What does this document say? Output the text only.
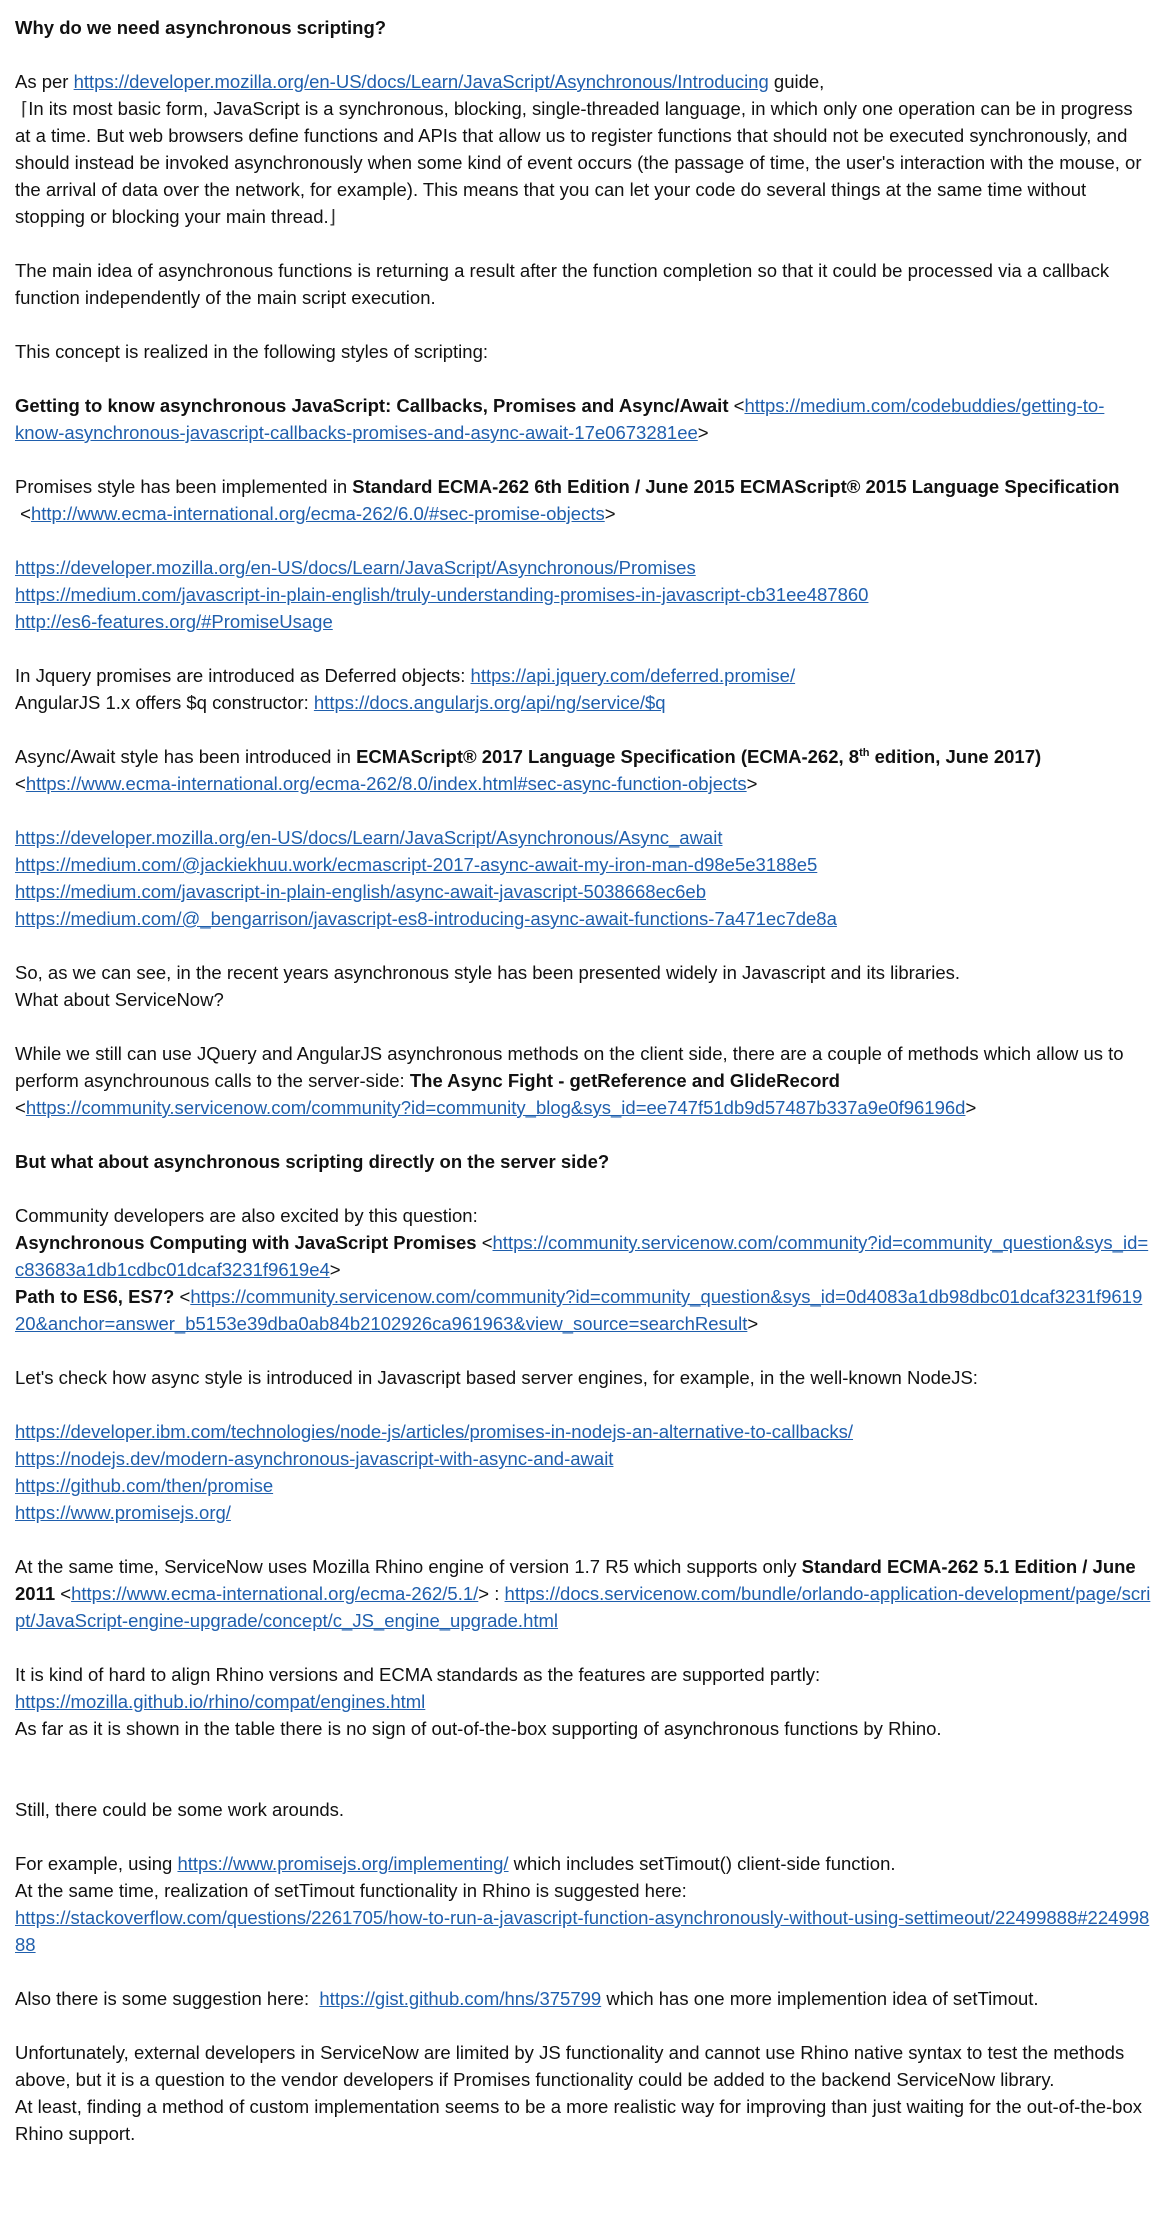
Why do we need asynchronous scripting?

As per https://developer.mozilla.org/en-US/docs/Learn/JavaScript/Asynchronous/Introducing guide,

⌈In its most basic form, JavaScript is a synchronous, blocking, single-threaded language, in which only one operation can be in progress at a time. But web browsers define functions and APIs that allow us to register functions that should not be executed synchronously, and should instead be invoked asynchronously when some kind of event occurs (the passage of time, the user's interaction with the mouse, or the arrival of data over the network, for example). This means that you can let your code do several things at the same time without stopping or blocking your main thread.⌋

The main idea of asynchronous functions is returning a result after the function completion so that it could be processed via a callback function independently of the main script execution.

This concept is realized in the following styles of scripting:

Getting to know asynchronous JavaScript: Callbacks, Promises and Async/Await <https://medium.com/codebuddies/getting-to-know-asynchronous-javascript-callbacks-promises-and-async-await-17e0673281ee>

Promises style has been implemented in Standard ECMA-262 6th Edition / June 2015 ECMAScript® 2015 Language Specification

<http://www.ecma-international.org/ecma-262/6.0/#sec-promise-objects>

https://developer.mozilla.org/en-US/docs/Learn/JavaScript/Asynchronous/Promises

https://medium.com/javascript-in-plain-english/truly-understanding-promises-in-javascript-cb31ee487860

http://es6-features.org/#PromiseUsage

In Jquery promises are introduced as Deferred objects: https://api.jquery.com/deferred.promise/

AngularJS 1.x offers $q constructor: https://docs.angularjs.org/api/ng/service/$q

Async/Await style has been introduced in ECMAScript® 2017 Language Specification (ECMA-262, 8th edition, June 2017)

<https://www.ecma-international.org/ecma-262/8.0/index.html#sec-async-function-objects>

https://developer.mozilla.org/en-US/docs/Learn/JavaScript/Asynchronous/Async_await

https://medium.com/@jackiekhuu.work/ecmascript-2017-async-await-my-iron-man-d98e5e3188e5

https://medium.com/javascript-in-plain-english/async-await-javascript-5038668ec6eb

https://medium.com/@_bengarrison/javascript-es8-introducing-async-await-functions-7a471ec7de8a

So, as we can see, in the recent years asynchronous style has been presented widely in Javascript and its libraries.

What about ServiceNow?

While we still can use JQuery and AngularJS asynchronous methods on the client side, there are a couple of methods which allow us to perform asynchrounous calls to the server-side: The Async Fight - getReference and GlideRecord
<https://community.servicenow.com/community?id=community_blog&sys_id=ee747f51db9d57487b337a9e0f96196d>

But what about asynchronous scripting directly on the server side?

Community developers are also excited by this question:

Asynchronous Computing with JavaScript Promises <https://community.servicenow.com/community?id=community_question&sys_id=c83683a1db1cdbc01dcaf3231f9619e4>

Path to ES6, ES7? <https://community.servicenow.com/community?id=community_question&sys_id=0d4083a1db98dbc01dcaf3231f961920&anchor=answer_b5153e39dba0ab84b2102926ca961963&view_source=searchResult>

Let's check how async style is introduced in Javascript based server engines, for example, in the well-known NodeJS:

https://developer.ibm.com/technologies/node-js/articles/promises-in-nodejs-an-alternative-to-callbacks/

https://nodejs.dev/modern-asynchronous-javascript-with-async-and-await

https://github.com/then/promise

https://www.promisejs.org/

At the same time, ServiceNow uses Mozilla Rhino engine of version 1.7 R5 which supports only Standard ECMA-262 5.1 Edition / June 2011 <https://www.ecma-international.org/ecma-262/5.1/> : https://docs.servicenow.com/bundle/orlando-application-development/page/script/JavaScript-engine-upgrade/concept/c_JS_engine_upgrade.html

It is kind of hard to align Rhino versions and ECMA standards as the features are supported partly:

https://mozilla.github.io/rhino/compat/engines.html

As far as it is shown in the table there is no sign of out-of-the-box supporting of asynchronous functions by Rhino.

Still, there could be some work arounds.

For example, using https://www.promisejs.org/implementing/ which includes setTimout() client-side function.

At the same time, realization of setTimout functionality in Rhino is suggested here:

https://stackoverflow.com/questions/2261705/how-to-run-a-javascript-function-asynchronously-without-using-settimeout/22499888#22499888

Also there is some suggestion here:  https://gist.github.com/hns/375799 which has one more implemention idea of setTimout.

Unfortunately, external developers in ServiceNow are limited by JS functionality and cannot use Rhino native syntax to test the methods above, but it is a question to the vendor developers if Promises functionality could be added to the backend ServiceNow library.

At least, finding a method of custom implementation seems to be a more realistic way for improving than just waiting for the out-of-the-box Rhino support.
